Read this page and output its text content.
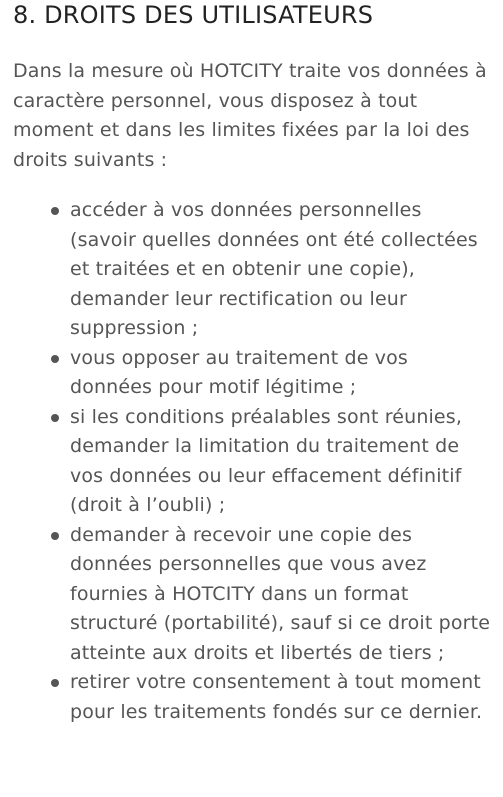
8. DROITS DES UTILISATEURS

Dans la mesure où HOTCITY traite vos données à caractère personnel, vous disposez à tout moment et dans les limites fixées par la loi des droits suivants :

accéder à vos données personnelles (savoir quelles données ont été collectées et traitées et en obtenir une copie), demander leur rectification ou leur suppression ;
vous opposer au traitement de vos données pour motif légitime ;
si les conditions préalables sont réunies, demander la limitation du traitement de vos données ou leur effacement définitif (droit à l’oubli) ;
demander à recevoir une copie des données personnelles que vous avez fournies à HOTCITY dans un format structuré (portabilité), sauf si ce droit porte atteinte aux droits et libertés de tiers ;
retirer votre consentement à tout moment pour les traitements fondés sur ce dernier.
